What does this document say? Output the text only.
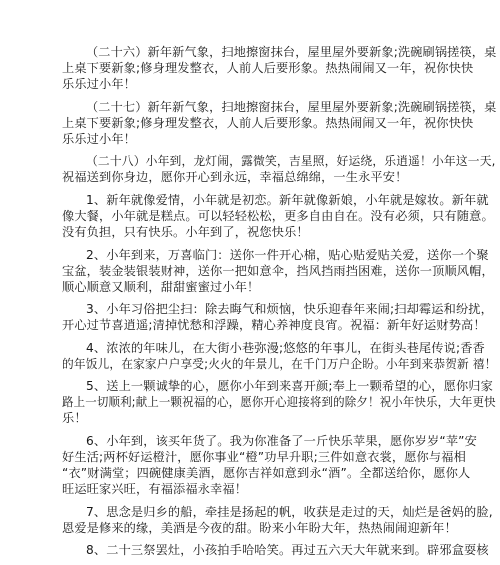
（二十六）新年新气象，扫地擦窗抹台，屋里屋外要新象;洗碗刷锅搓筷，桌
上桌下要新象;修身理发整衣，人前人后要形象。热热闹闹又一年，祝你快快
乐乐过小年！
（二十七）新年新气象，扫地擦窗抹台，屋里屋外要新象;洗碗刷锅搓筷，桌
上桌下要新象;修身理发整衣，人前人后要形象。热热闹闹又一年，祝你快快
乐乐过小年！
（二十八）小年到，龙灯闹，露微笑，吉星照，好运绕，乐逍遥！小年这一天,
祝福送到你身边，愿你开心到永远，幸福总绵绵，一生永平安！
1、新年就像爱情，小年就是初恋。新年就像新娘，小年就是嫁妆。新年就
像大餐，小年就是糕点。可以轻轻松松，更多自由自在。没有必须，只有随意。
没有负担，只有快乐。小年到了，祝您快乐！
2、小年到来，万喜临门：送你一件开心棉，贴心贴爱贴关爱，送你一个聚
宝盆，装金装银装财神，送你一把如意伞，挡风挡雨挡困难，送你一顶顺风帽，
顺心顺意又顺利，甜甜蜜蜜过小年！
3、小年习俗把尘扫：除去晦气和烦恼，快乐迎春年来闹;扫却霉运和纷扰，
开心过节喜逍遥;清掉忧愁和浮躁，精心养神度良宵。祝福：新年好运财势高！
4、浓浓的年味儿，在大街小巷弥漫;悠悠的年事儿，在街头巷尾传说;香香
的年饭儿，在家家户户享受;火火的年景儿，在千门万户企盼。小年到来恭贺新 禧！
5、送上一颗诚挚的心，愿你小年到来喜开颜;奉上一颗希望的心，愿你归家
路上一切顺利;献上一颗祝福的心，愿你开心迎接将到的除夕！祝小年快乐，大年更快
乐！
6、小年到，该买年货了。我为你准备了一斤快乐苹果，愿你岁岁“苹”安
好生活;两杯好运橙汁，愿你事业“橙”功早升职;三件如意衣裳，愿你与福相
“衣”财满堂；四碗健康美酒，愿你吉祥如意到永“酒”。全都送给你，愿你人
旺运旺家兴旺，有福添福永幸福！
7、思念是归乡的船，牵挂是扬起的帆，收获是走过的天，灿烂是爸妈的脸,
恩爱是修来的缘，美酒是今夜的甜。盼来小年盼大年，热热闹闹迎新年！
8、二十三祭罢灶，小孩拍手哈哈笑。再过五六天大年就来到。辟邪盒耍核
